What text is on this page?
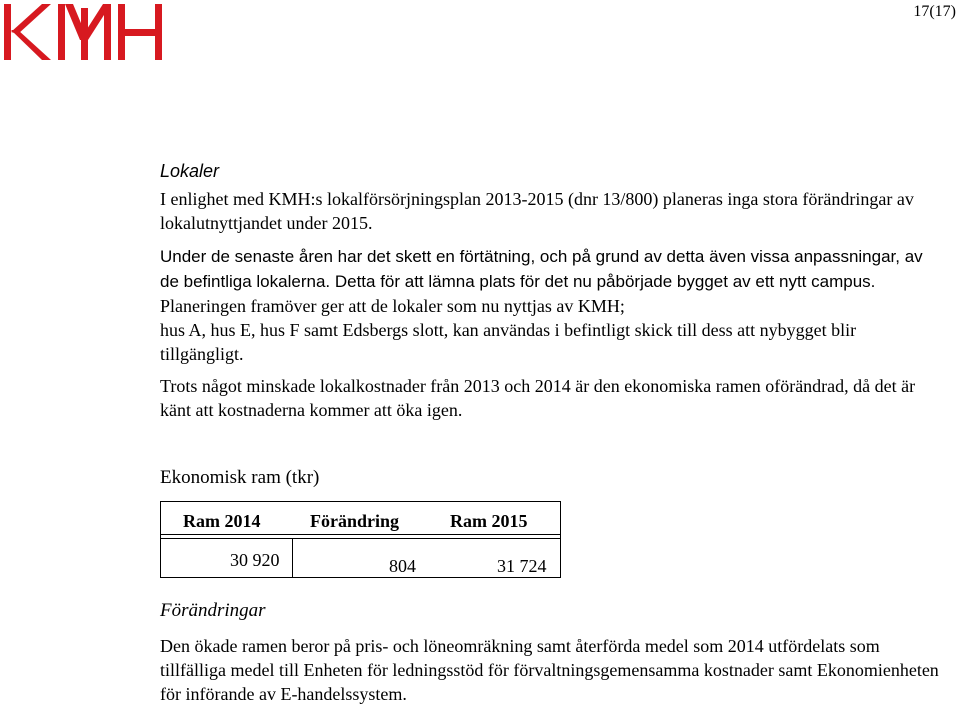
17(17)
Lokaler

I enlighet med KMH:s lokalförsörjningsplan 2013-2015 (dnr 13/800) planeras inga stora förändringar av lokalutnyttjandet under 2015.

Under de senaste åren har det skett en förtätning, och på grund av detta även vissa anpassningar, av de befintliga lokalerna. Detta för att lämna plats för det nu påbörjade bygget av ett nytt campus. Planeringen framöver ger att de lokaler som nu nyttjas av KMH;

hus A, hus E, hus F samt Edsbergs slott, kan användas i befintligt skick till dess att nybygget blir tillgängligt.

Trots något minskade lokalkostnader från 2013 och 2014 är den ekonomiska ramen oförändrad, då det är känt att kostnaderna kommer att öka igen.

Ekonomisk ram (tkr)
Ram 2014	Förändring	Ram 2015
30 920	804	31 724
Förändringar

Den ökade ramen beror på pris- och löneomräkning samt återförda medel som 2014 utfördelats som tillfälliga medel till Enheten för ledningsstöd för förvaltningsgemensamma kostnader samt Ekonomienheten för införande av E-handelssystem.
